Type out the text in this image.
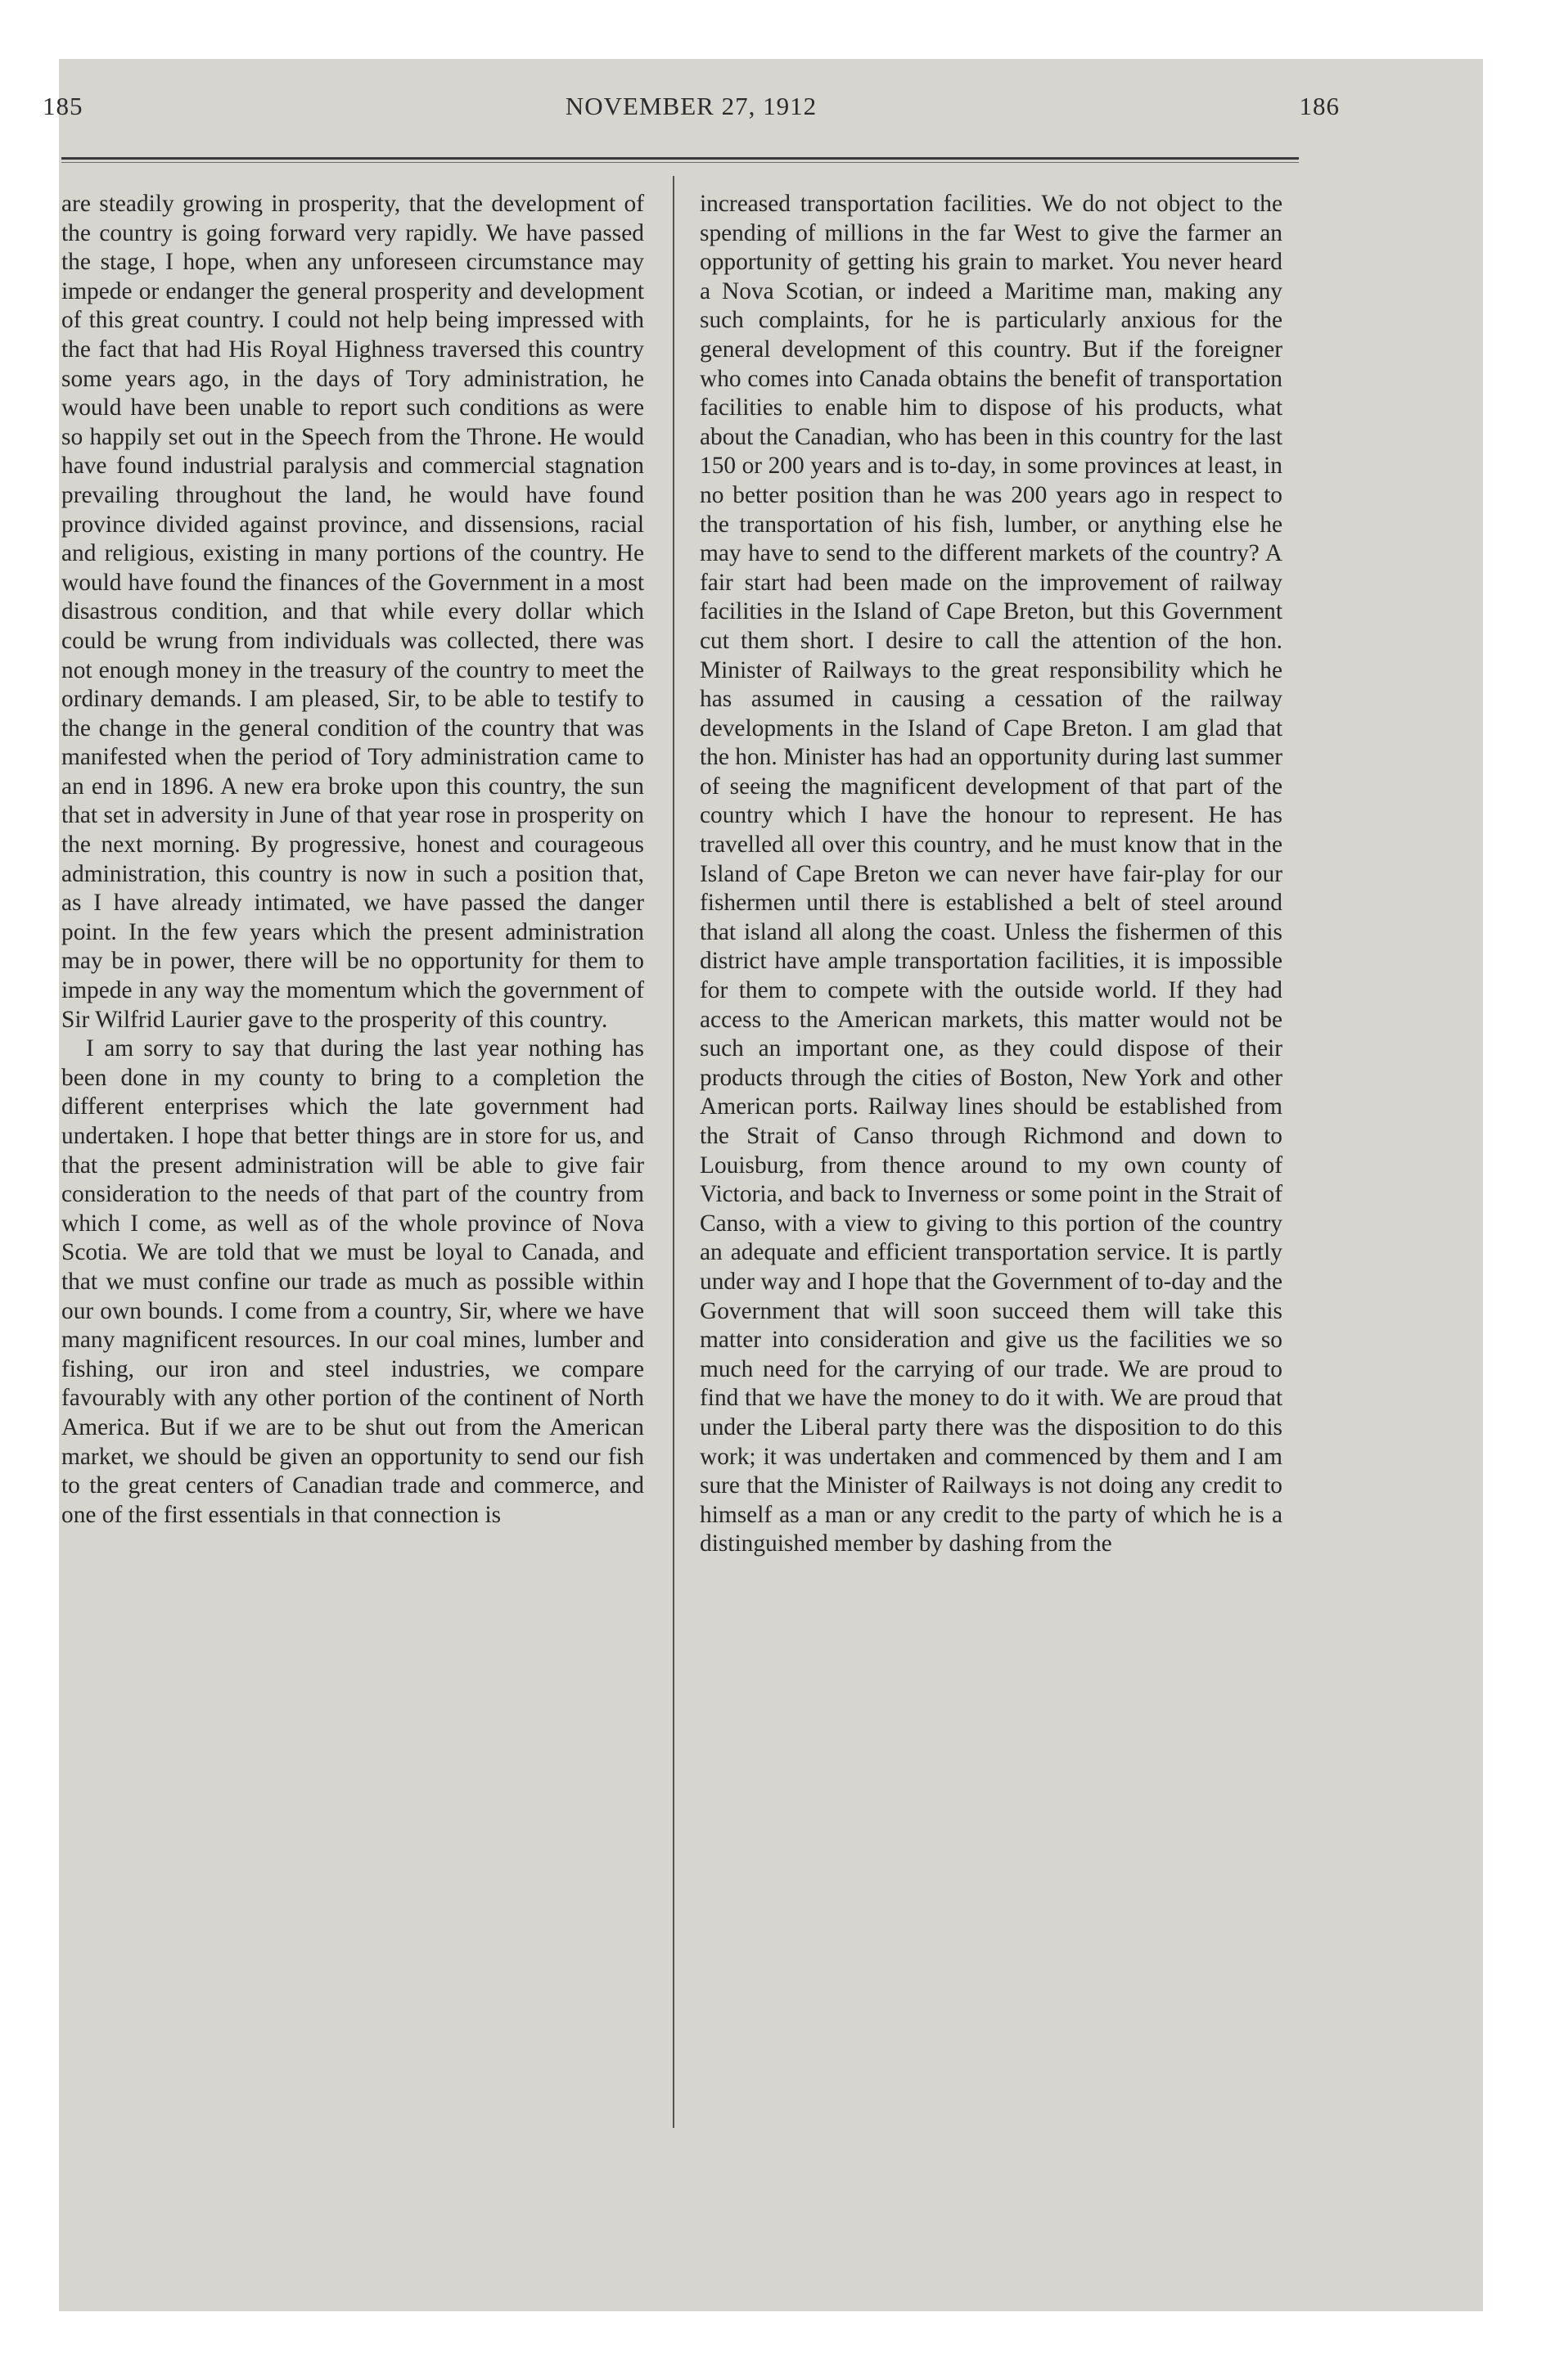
185	NOVEMBER 27, 1912	186

are steadily growing in prosperity, that the development of the country is going forward very rapidly. We have passed the stage, I hope, when any unforeseen circumstance may impede or endanger the general prosperity and development of this great country. I could not help being impressed with the fact that had His Royal Highness traversed this country some years ago, in the days of Tory administration, he would have been unable to report such conditions as were so happily set out in the Speech from the Throne. He would have found industrial paralysis and commercial stagnation prevailing throughout the land, he would have found province divided against province, and dissensions, racial and religious, existing in many portions of the country. He would have found the finances of the Government in a most disastrous condition, and that while every dollar which could be wrung from individuals was collected, there was not enough money in the treasury of the country to meet the ordinary demands. I am pleased, Sir, to be able to testify to the change in the general condition of the country that was manifested when the period of Tory administration came to an end in 1896. A new era broke upon this country, the sun that set in adversity in June of that year rose in prosperity on the next morning. By progressive, honest and courageous administration, this country is now in such a position that, as I have already intimated, we have passed the danger point. In the few years which the present administration may be in power, there will be no opportunity for them to impede in any way the momentum which the government of Sir Wilfrid Laurier gave to the prosperity of this country.

I am sorry to say that during the last year nothing has been done in my county to bring to a completion the different enterprises which the late government had undertaken. I hope that better things are in store for us, and that the present administration will be able to give fair consideration to the needs of that part of the country from which I come, as well as of the whole province of Nova Scotia. We are told that we must be loyal to Canada, and that we must confine our trade as much as possible within our own bounds. I come from a country, Sir, where we have many magnificent resources. In our coal mines, lumber and fishing, our iron and steel industries, we compare favourably with any other portion of the continent of North America. But if we are to be shut out from the American market, we should be given an opportunity to send our fish to the great centers of Canadian trade and commerce, and one of the first essentials in that connection is

increased transportation facilities. We do not object to the spending of millions in the far West to give the farmer an opportunity of getting his grain to market. You never heard a Nova Scotian, or indeed a Maritime man, making any such complaints, for he is particularly anxious for the general development of this country. But if the foreigner who comes into Canada obtains the benefit of transportation facilities to enable him to dispose of his products, what about the Canadian, who has been in this country for the last 150 or 200 years and is to-day, in some provinces at least, in no better position than he was 200 years ago in respect to the transportation of his fish, lumber, or anything else he may have to send to the different markets of the country? A fair start had been made on the improvement of railway facilities in the Island of Cape Breton, but this Government cut them short. I desire to call the attention of the hon. Minister of Railways to the great responsibility which he has assumed in causing a cessation of the railway developments in the Island of Cape Breton. I am glad that the hon. Minister has had an opportunity during last summer of seeing the magnificent development of that part of the country which I have the honour to represent. He has travelled all over this country, and he must know that in the Island of Cape Breton we can never have fair-play for our fishermen until there is established a belt of steel around that island all along the coast. Unless the fishermen of this district have ample transportation facilities, it is impossible for them to compete with the outside world. If they had access to the American markets, this matter would not be such an important one, as they could dispose of their products through the cities of Boston, New York and other American ports. Railway lines should be established from the Strait of Canso through Richmond and down to Louisburg, from thence around to my own county of Victoria, and back to Inverness or some point in the Strait of Canso, with a view to giving to this portion of the country an adequate and efficient transportation service. It is partly under way and I hope that the Government of to-day and the Government that will soon succeed them will take this matter into consideration and give us the facilities we so much need for the carrying of our trade. We are proud to find that we have the money to do it with. We are proud that under the Liberal party there was the disposition to do this work; it was undertaken and commenced by them and I am sure that the Minister of Railways is not doing any credit to himself as a man or any credit to the party of which he is a distinguished member by dashing from the
